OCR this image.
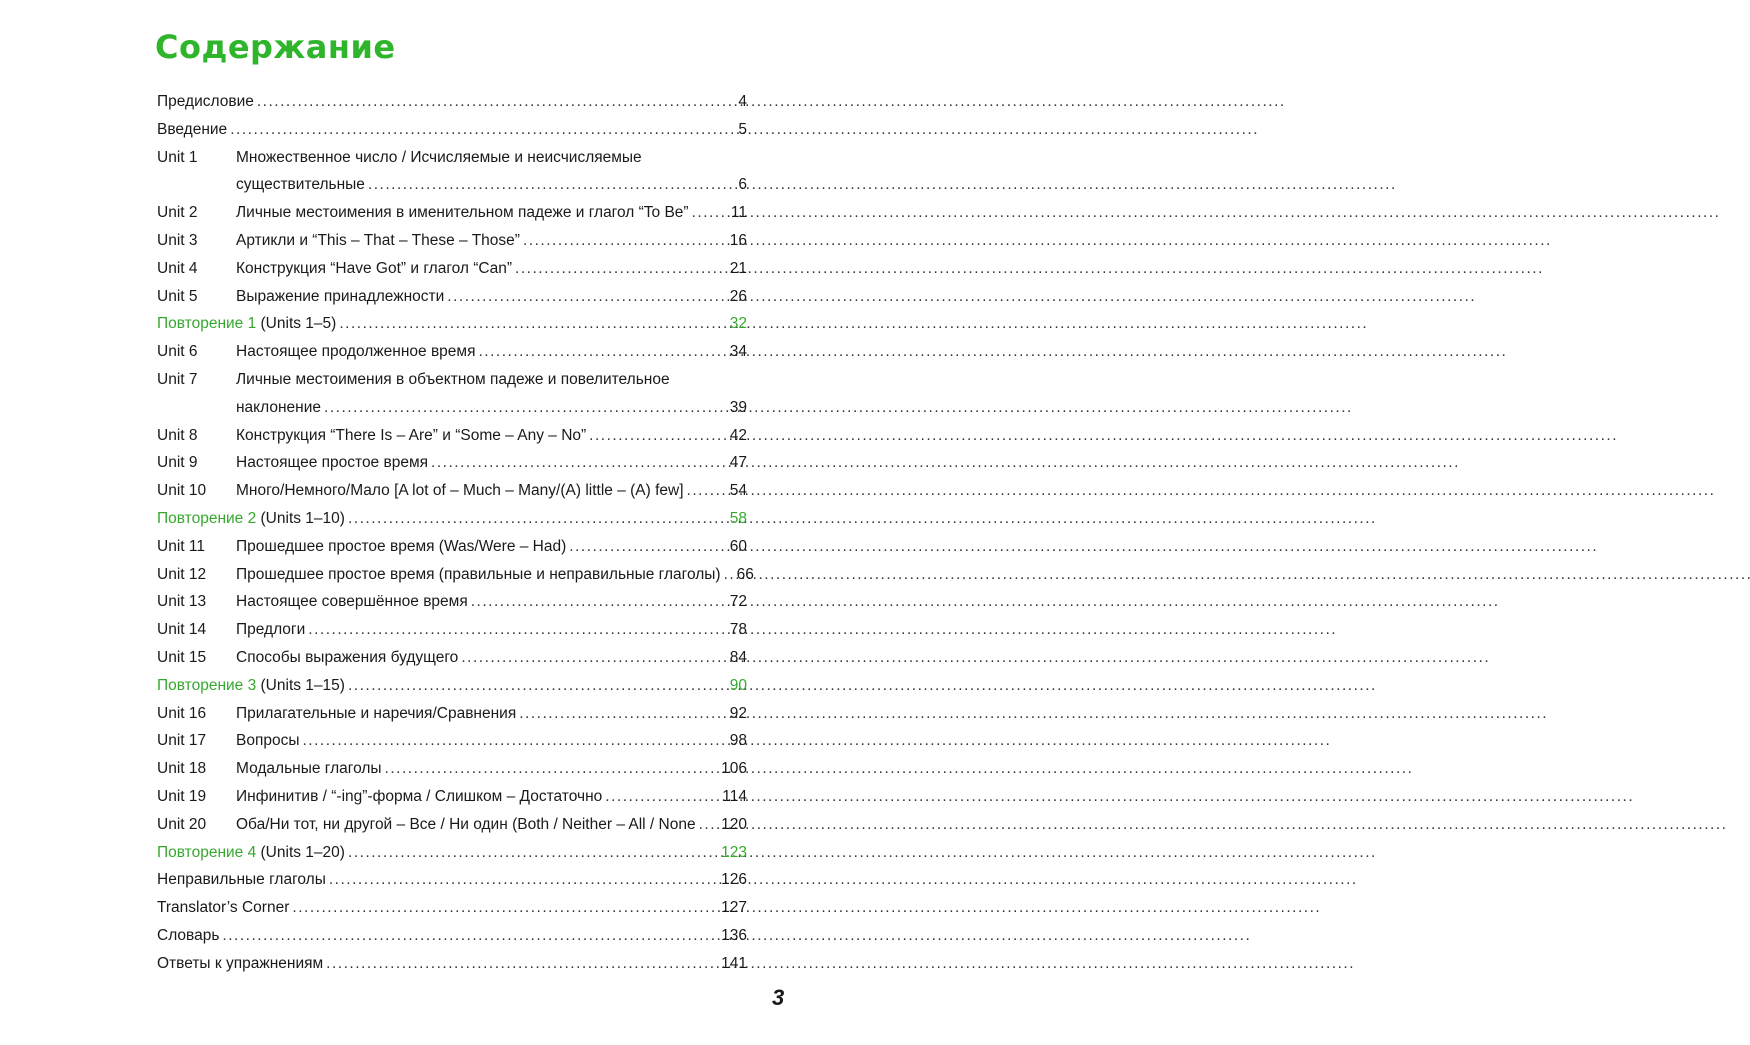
Содержание
Предисловие . . .	4
Введение . . .	5
Unit 1	Множественное число / Исчисляемые и неисчисляемые
существительные . . .	6
Unit 2	Личные местоимения в именительном падеже и глагол “To Be” . . .	11
Unit 3	Артикли и “This – That – These – Those” . . .	16
Unit 4	Конструкция “Have Got” и глагол “Can” . . .	21
Unit 5	Выражение принадлежности . . .	26
Повторение 1 (Units 1–5) . . .	32
Unit 6	Настоящее продолженное время . . .	34
Unit 7	Личные местоимения в объектном падеже и повелительное
наклонение . . .	39
Unit 8	Конструкция “There Is – Are” и “Some – Any – No” . . .	42
Unit 9	Настоящее простое время . . .	47
Unit 10	Много/Немного/Мало [A lot of – Much – Many/(A) little – (A) few] . . .	54
Повторение 2 (Units 1–10) . . .	58
Unit 11	Прошедшее простое время (Was/Were – Had) . . .	60
Unit 12	Прошедшее простое время (правильные и неправильные глаголы) . . . 66
Unit 13	Настоящее совершённое время . . .	72
Unit 14	Предлоги . . .	78
Unit 15	Способы выражения будущего . . .	84
Повторение 3 (Units 1–15) . . .	90
Unit 16	Прилагательные и наречия/Сравнения . . .	92
Unit 17	Вопросы . . .	98
Unit 18	Модальные глаголы . . .	106
Unit 19	Инфинитив / “-ing”-форма / Слишком – Достаточно . . .	114
Unit 20	Оба/Ни тот, ни другой – Все / Ни один (Both / Neither – All / None . . . 120
Повторение 4 (Units 1–20) . . .	123
Неправильные глаголы . . .	126
Translator’s Corner . . .	127
Словарь . . .	136
Ответы к упражнениям . . .	141
3
